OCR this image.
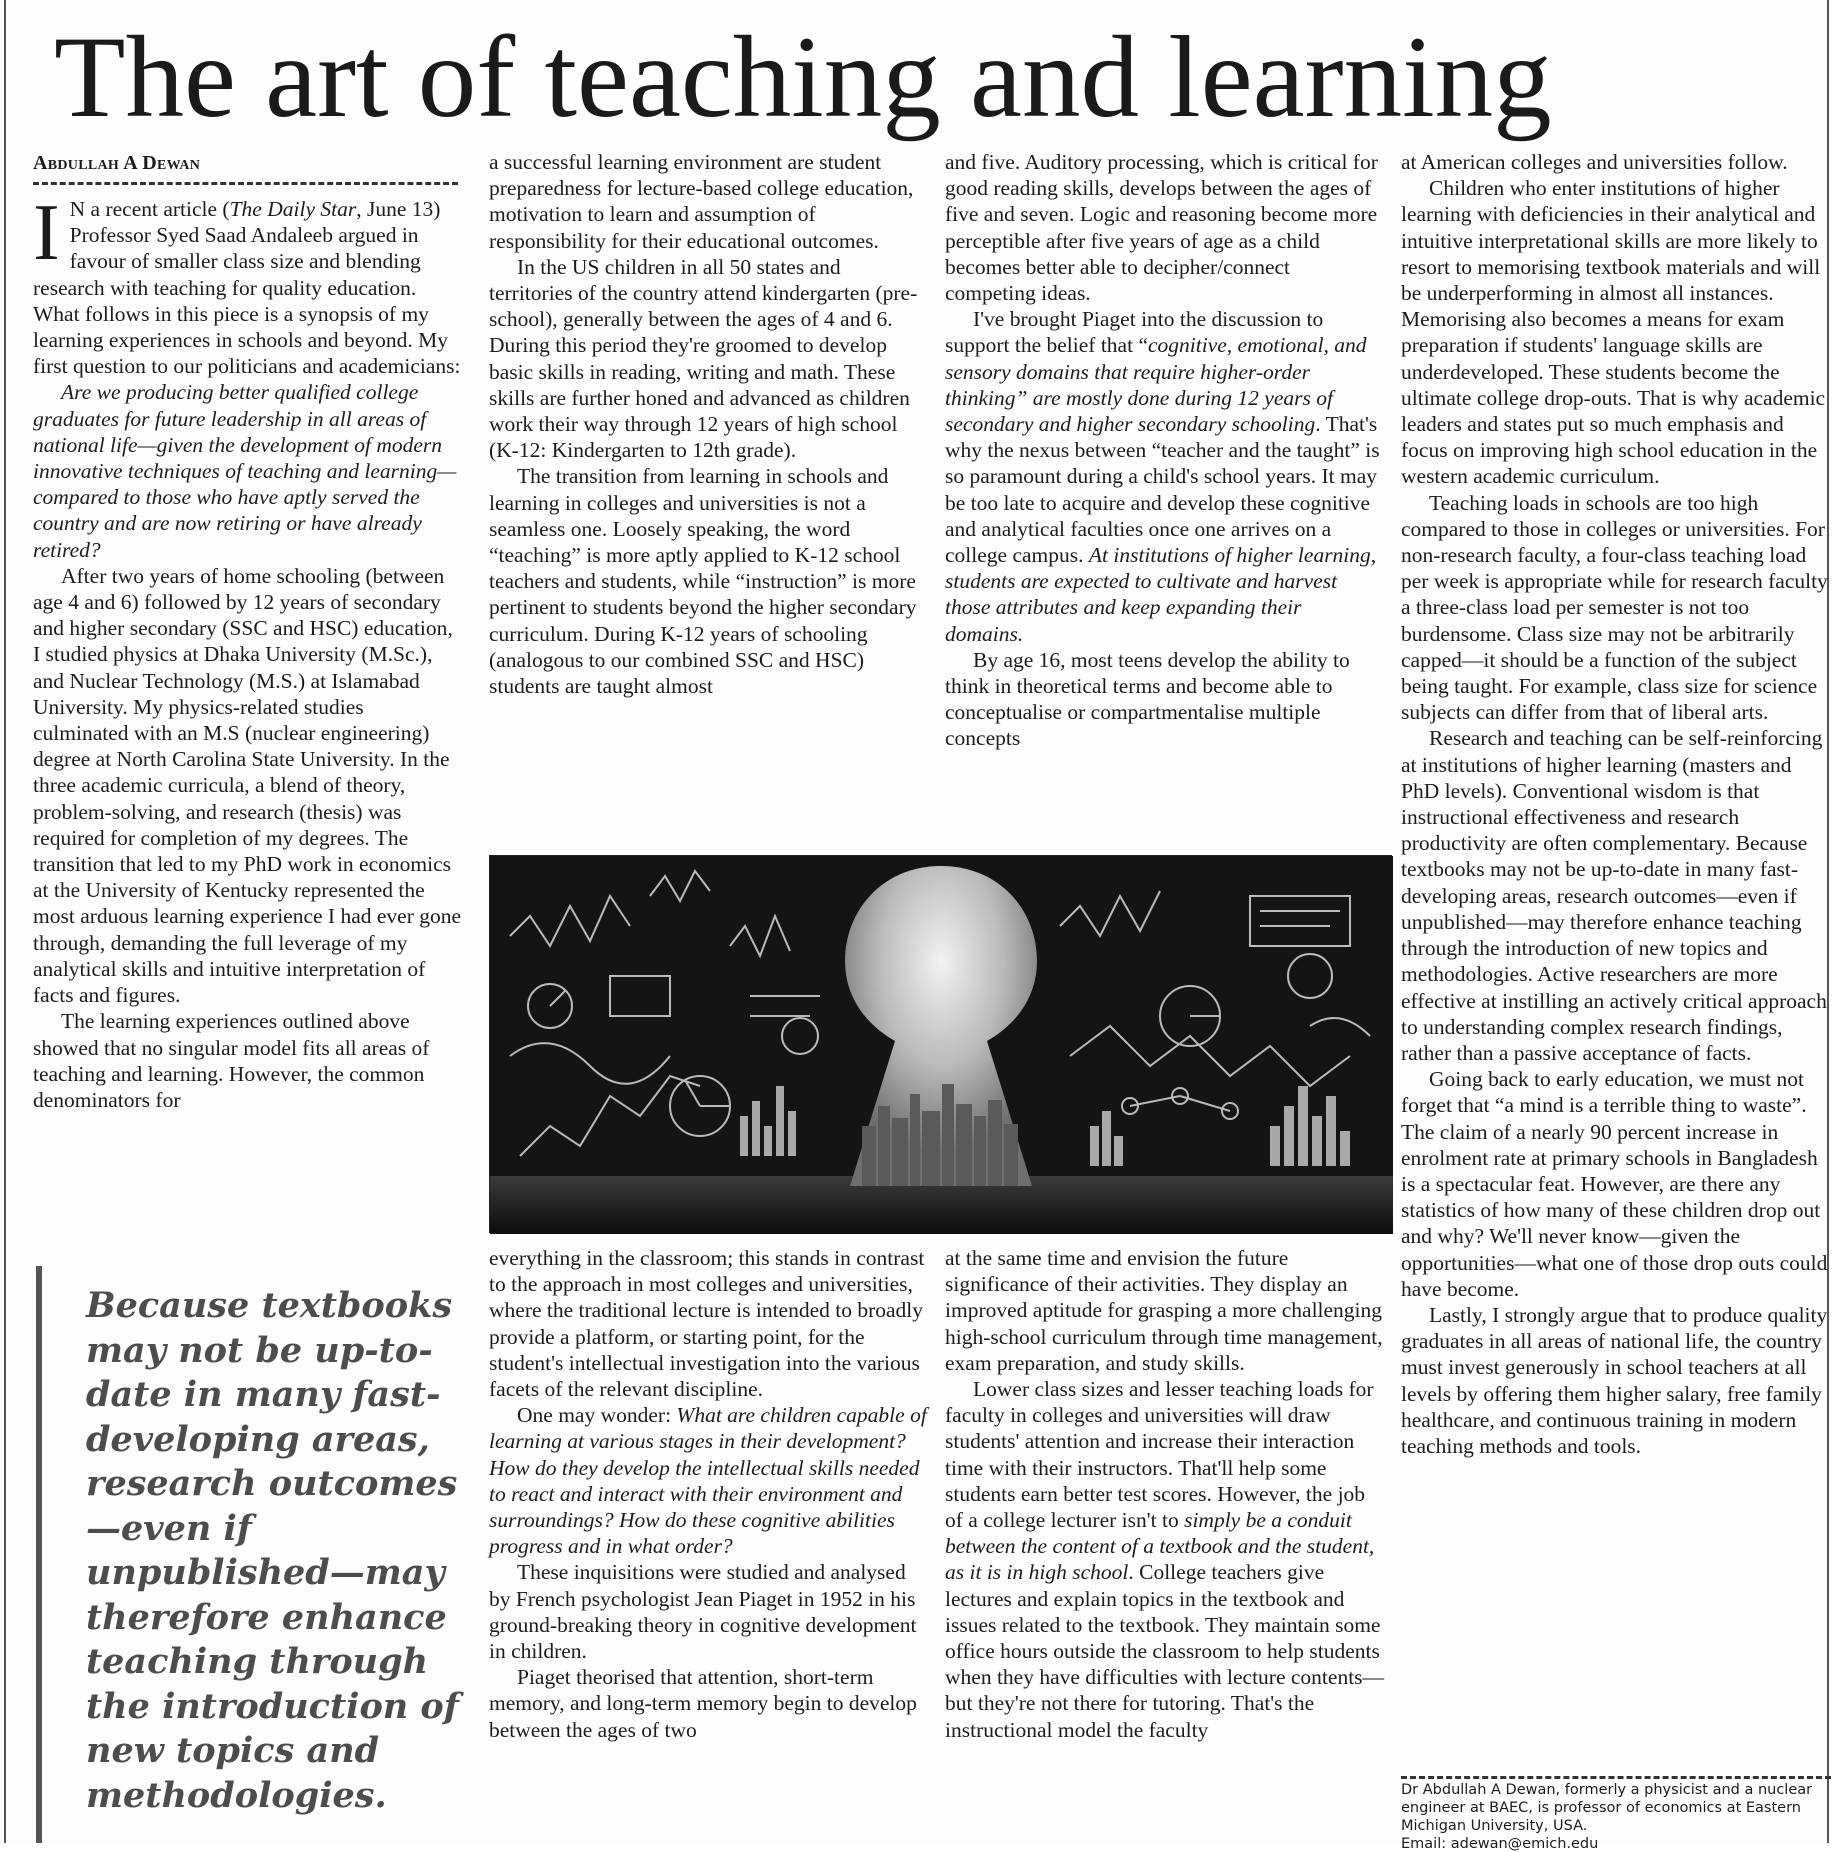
The art of teaching and learning
Abdullah A Dewan

I N a recent article (The Daily Star, June 13) Professor Syed Saad Andaleeb argued in favour of smaller class size and blending research with teaching for quality education. What follows in this piece is a synopsis of my learning experiences in schools and beyond. My first question to our politicians and academicians:

Are we producing better qualified college graduates for future leadership in all areas of national life—given the development of modern innovative techniques of teaching and learning—compared to those who have aptly served the country and are now retiring or have already retired?

After two years of home schooling (between age 4 and 6) followed by 12 years of secondary and higher secondary (SSC and HSC) education, I studied physics at Dhaka University (M.Sc.), and Nuclear Technology (M.S.) at Islamabad University. My physics-related studies culminated with an M.S (nuclear engineering) degree at North Carolina State University. In the three academic curricula, a blend of theory, problem-solving, and research (thesis) was required for completion of my degrees. The transition that led to my PhD work in economics at the University of Kentucky represented the most arduous learning experience I had ever gone through, demanding the full leverage of my analytical skills and intuitive interpretation of facts and figures.

The learning experiences outlined above showed that no singular model fits all areas of teaching and learning. However, the common denominators for

Because textbooks may not be up-to-date in many fast-developing areas, research outcomes—even if unpublished—may therefore enhance teaching through the introduction of new topics and methodologies.

a successful learning environment are student preparedness for lecture-based college education, motivation to learn and assumption of responsibility for their educational outcomes.

In the US children in all 50 states and territories of the country attend kindergarten (pre-school), generally between the ages of 4 and 6. During this period they're groomed to develop basic skills in reading, writing and math. These skills are further honed and advanced as children work their way through 12 years of high school (K-12: Kindergarten to 12th grade).

The transition from learning in schools and learning in colleges and universities is not a seamless one. Loosely speaking, the word “teaching” is more aptly applied to K-12 school teachers and students, while “instruction” is more pertinent to students beyond the higher secondary curriculum. During K-12 years of schooling (analogous to our combined SSC and HSC) students are taught almost

and five. Auditory processing, which is critical for good reading skills, develops between the ages of five and seven. Logic and reasoning become more perceptible after five years of age as a child becomes better able to decipher/connect competing ideas.

I've brought Piaget into the discussion to support the belief that “cognitive, emotional, and sensory domains that require higher-order thinking” are mostly done during 12 years of secondary and higher secondary schooling. That's why the nexus between “teacher and the taught” is so paramount during a child's school years. It may be too late to acquire and develop these cognitive and analytical faculties once one arrives on a college campus. At institutions of higher learning, students are expected to cultivate and harvest those attributes and keep expanding their domains.

By age 16, most teens develop the ability to think in theoretical terms and become able to conceptualise or compartmentalise multiple concepts

at American colleges and universities follow.

Children who enter institutions of higher learning with deficiencies in their analytical and intuitive interpretational skills are more likely to resort to memorising textbook materials and will be underperforming in almost all instances. Memorising also becomes a means for exam preparation if students' language skills are underdeveloped. These students become the ultimate college drop-outs. That is why academic leaders and states put so much emphasis and focus on improving high school education in the western academic curriculum.

Teaching loads in schools are too high compared to those in colleges or universities. For non-research faculty, a four-class teaching load per week is appropriate while for research faculty a three-class load per semester is not too burdensome. Class size may not be arbitrarily capped—it should be a function of the subject being taught. For example, class size for science subjects can differ from that of liberal arts.

Research and teaching can be self-reinforcing at institutions of higher learning (masters and PhD levels). Conventional wisdom is that instructional effectiveness and research productivity are often complementary. Because textbooks may not be up-to-date in many fast-developing areas, research outcomes—even if unpublished—may therefore enhance teaching through the introduction of new topics and methodologies. Active researchers are more effective at instilling an actively critical approach to understanding complex research findings, rather than a passive acceptance of facts.

Going back to early education, we must not forget that “a mind is a terrible thing to waste”. The claim of a nearly 90 percent increase in enrolment rate at primary schools in Bangladesh is a spectacular feat. However, are there any statistics of how many of these children drop out and why? We'll never know—given the opportunities—what one of those drop outs could have become.

Lastly, I strongly argue that to produce quality graduates in all areas of national life, the country must invest generously in school teachers at all levels by offering them higher salary, free family healthcare, and continuous training in modern teaching methods and tools.

everything in the classroom; this stands in contrast to the approach in most colleges and universities, where the traditional lecture is intended to broadly provide a platform, or starting point, for the student's intellectual investigation into the various facets of the relevant discipline.

One may wonder: What are children capable of learning at various stages in their development? How do they develop the intellectual skills needed to react and interact with their environment and surroundings? How do these cognitive abilities progress and in what order?

These inquisitions were studied and analysed by French psychologist Jean Piaget in 1952 in his ground-breaking theory in cognitive development in children.

Piaget theorised that attention, short-term memory, and long-term memory begin to develop between the ages of two

at the same time and envision the future significance of their activities. They display an improved aptitude for grasping a more challenging high-school curriculum through time management, exam preparation, and study skills.

Lower class sizes and lesser teaching loads for faculty in colleges and universities will draw students' attention and increase their interaction time with their instructors. That'll help some students earn better test scores. However, the job of a college lecturer isn't to simply be a conduit between the content of a textbook and the student, as it is in high school. College teachers give lectures and explain topics in the textbook and issues related to the textbook. They maintain some office hours outside the classroom to help students when they have difficulties with lecture contents—but they're not there for tutoring. That's the instructional model the faculty

Dr Abdullah A Dewan, formerly a physicist and a nuclear engineer at BAEC, is professor of economics at Eastern Michigan University, USA.
Email: adewan@emich.edu
